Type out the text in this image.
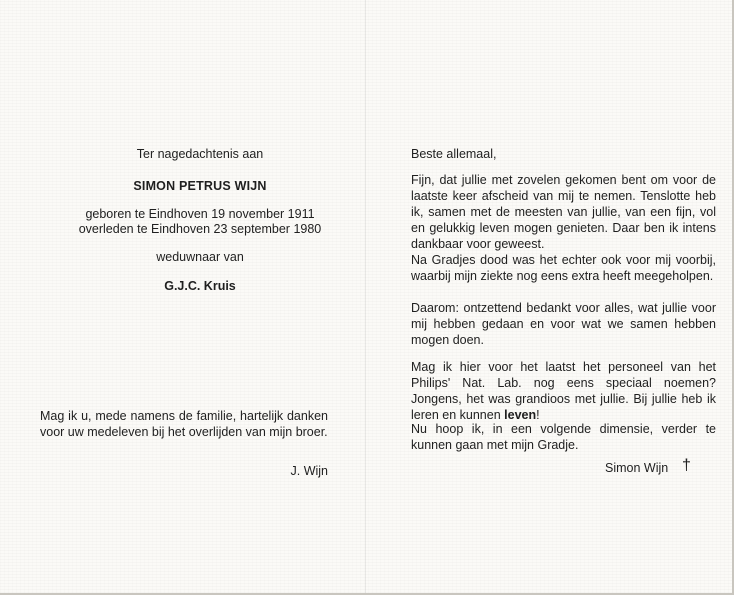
Ter nagedachtenis aan
SIMON PETRUS WIJN
geboren te Eindhoven 19 november 1911
overleden te Eindhoven 23 september 1980
weduwnaar van
G.J.C. Kruis
Mag ik u, mede namens de familie, hartelijk danken voor uw medeleven bij het overlijden van mijn broer.
J. Wijn
Beste allemaal,
Fijn, dat jullie met zovelen gekomen bent om voor de laatste keer afscheid van mij te nemen. Tenslotte heb ik, samen met de meesten van jullie, van een fijn, vol en gelukkig leven mogen genieten. Daar ben ik intens dankbaar voor geweest.
Na Gradjes dood was het echter ook voor mij voorbij, waarbij mijn ziekte nog eens extra heeft meegeholpen.
Daarom: ontzettend bedankt voor alles, wat jullie voor mij hebben gedaan en voor wat we samen hebben mogen doen.
Mag ik hier voor het laatst het personeel van het Philips' Nat. Lab. nog eens speciaal noemen? Jongens, het was grandioos met jullie. Bij jullie heb ik leren en kunnen leven!
Nu hoop ik, in een volgende dimensie, verder te kunnen gaan met mijn Gradje.
Simon Wijn †
